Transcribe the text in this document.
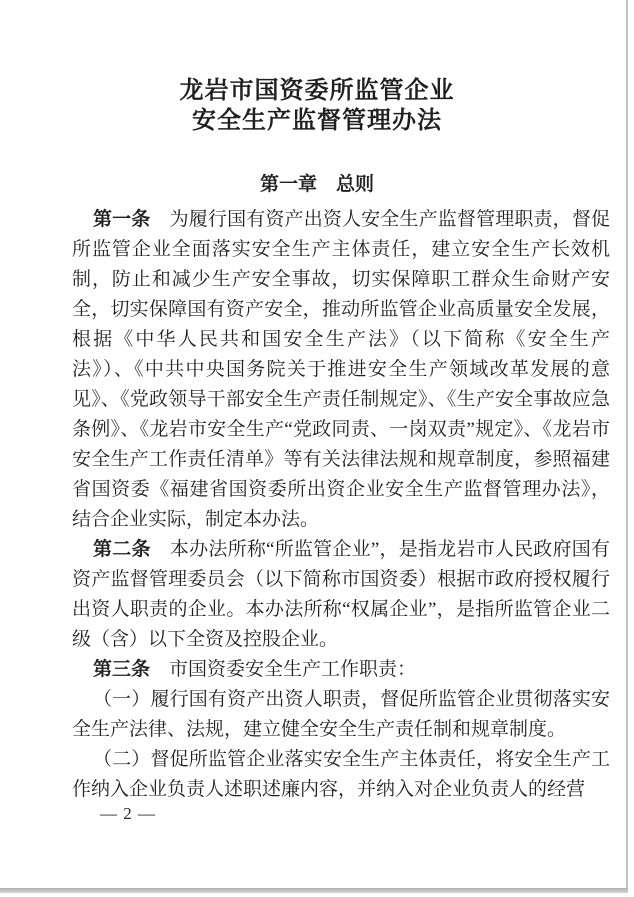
龙岩市国资委所监管企业
安全生产监督管理办法
第一章　总则

第一条　为履行国有资产出资人安全生产监督管理职责，督促所监管企业全面落实安全生产主体责任，建立安全生产长效机制，防止和减少生产安全事故，切实保障职工群众生命财产安全，切实保障国有资产安全，推动所监管企业高质量安全发展，根据《中华人民共和国安全生产法》（以下简称《安全生产法》）、《中共中央国务院关于推进安全生产领域改革发展的意见》、《党政领导干部安全生产责任制规定》、《生产安全事故应急条例》、《龙岩市安全生产“党政同责、一岗双责”规定》、《龙岩市安全生产工作责任清单》等有关法律法规和规章制度，参照福建省国资委《福建省国资委所出资企业安全生产监督管理办法》，结合企业实际，制定本办法。

第二条　本办法所称“所监管企业”，是指龙岩市人民政府国有资产监督管理委员会（以下简称市国资委）根据市政府授权履行出资人职责的企业。本办法所称“权属企业”，是指所监管企业二级（含）以下全资及控股企业。

第三条　市国资委安全生产工作职责：

（一）履行国有资产出资人职责，督促所监管企业贯彻落实安全生产法律、法规，建立健全安全生产责任制和规章制度。

（二）督促所监管企业落实安全生产主体责任，将安全生产工作纳入企业负责人述职述廉内容，并纳入对企业负责人的经营

— 2 —
